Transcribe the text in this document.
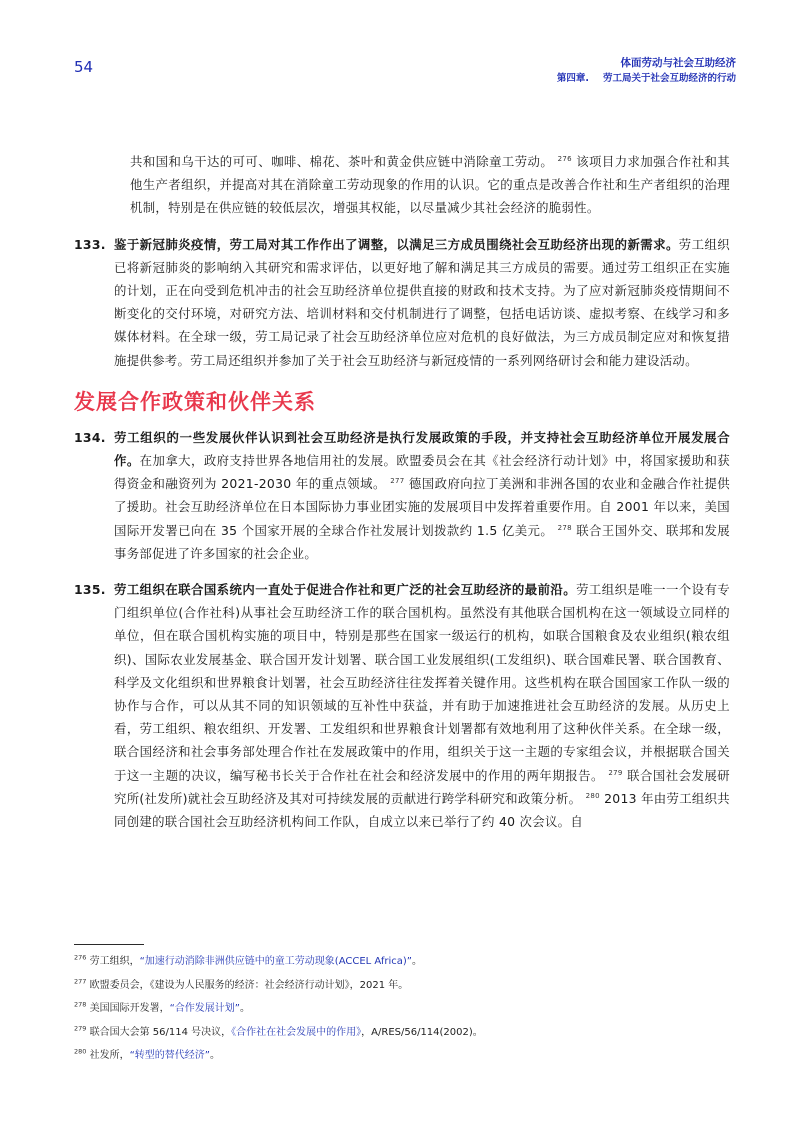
54	体面劳动与社会互助经济
第四章. 劳工局关于社会互助经济的行动
共和国和乌干达的可可、咖啡、棉花、茶叶和黄金供应链中消除童工劳动。 $^{276}$ 该项目力求加强合作社和其他生产者组织，并提高对其在消除童工劳动现象的作用的认识。它的重点是改善合作社和生产者组织的治理机制，特别是在供应链的较低层次，增强其权能，以尽量减少其社会经济的脆弱性。
133. 鉴于新冠肺炎疫情，劳工局对其工作作出了调整，以满足三方成员围绕社会互助经济出现的新需求。劳工组织已将新冠肺炎的影响纳入其研究和需求评估，以更好地了解和满足其三方成员的需要。通过劳工组织正在实施的计划，正在向受到危机冲击的社会互助经济单位提供直接的财政和技术支持。为了应对新冠肺炎疫情期间不断变化的交付环境，对研究方法、培训材料和交付机制进行了调整，包括电话访谈、虚拟考察、在线学习和多媒体材料。在全球一级，劳工局记录了社会互助经济单位应对危机的良好做法，为三方成员制定应对和恢复措施提供参考。劳工局还组织并参加了关于社会互助经济与新冠疫情的一系列网络研讨会和能力建设活动。
发展合作政策和伙伴关系
134. 劳工组织的一些发展伙伴认识到社会互助经济是执行发展政策的手段，并支持社会互助经济单位开展发展合作。在加拿大，政府支持世界各地信用社的发展。欧盟委员会在其《社会经济行动计划》中，将国家援助和获得资金和融资列为 2021-2030 年的重点领域。 $^{277}$ 德国政府向拉丁美洲和非洲各国的农业和金融合作社提供了援助。社会互助经济单位在日本国际协力事业团实施的发展项目中发挥着重要作用。自 2001 年以来，美国国际开发署已向在 35 个国家开展的全球合作社发展计划拨款约 1.5 亿美元。 $^{278}$ 联合王国外交、联邦和发展事务部促进了许多国家的社会企业。
135. 劳工组织在联合国系统内一直处于促进合作社和更广泛的社会互助经济的最前沿。劳工组织是唯一一个设有专门组织单位(合作社科)从事社会互助经济工作的联合国机构。虽然没有其他联合国机构在这一领域设立同样的单位，但在联合国机构实施的项目中，特别是那些在国家一级运行的机构，如联合国粮食及农业组织(粮农组织)、国际农业发展基金、联合国开发计划署、联合国工业发展组织(工发组织)、联合国难民署、联合国教育、科学及文化组织和世界粮食计划署，社会互助经济往往发挥着关键作用。这些机构在联合国国家工作队一级的协作与合作，可以从其不同的知识领域的互补性中获益，并有助于加速推进社会互助经济的发展。从历史上看，劳工组织、粮农组织、开发署、工发组织和世界粮食计划署都有效地利用了这种伙伴关系。在全球一级，联合国经济和社会事务部处理合作社在发展政策中的作用，组织关于这一主题的专家组会议，并根据联合国关于这一主题的决议，编写秘书长关于合作社在社会和经济发展中的作用的两年期报告。 $^{279}$ 联合国社会发展研究所(社发所)就社会互助经济及其对可持续发展的贡献进行跨学科研究和政策分析。 $^{280}$ 2013 年由劳工组织共同创建的联合国社会互助经济机构间工作队，自成立以来已举行了约 40 次会议。自
$^{276}$ 劳工组织，“加速行动消除非洲供应链中的童工劳动现象(ACCEL Africa)”。
$^{277}$ 欧盟委员会，《建设为人民服务的经济：社会经济行动计划》，2021 年。
$^{278}$ 美国国际开发署，“合作发展计划”。
$^{279}$ 联合国大会第 56/114 号决议，《合作社在社会发展中的作用》，A/RES/56/114(2002)。
$^{280}$ 社发所，“转型的替代经济”。
